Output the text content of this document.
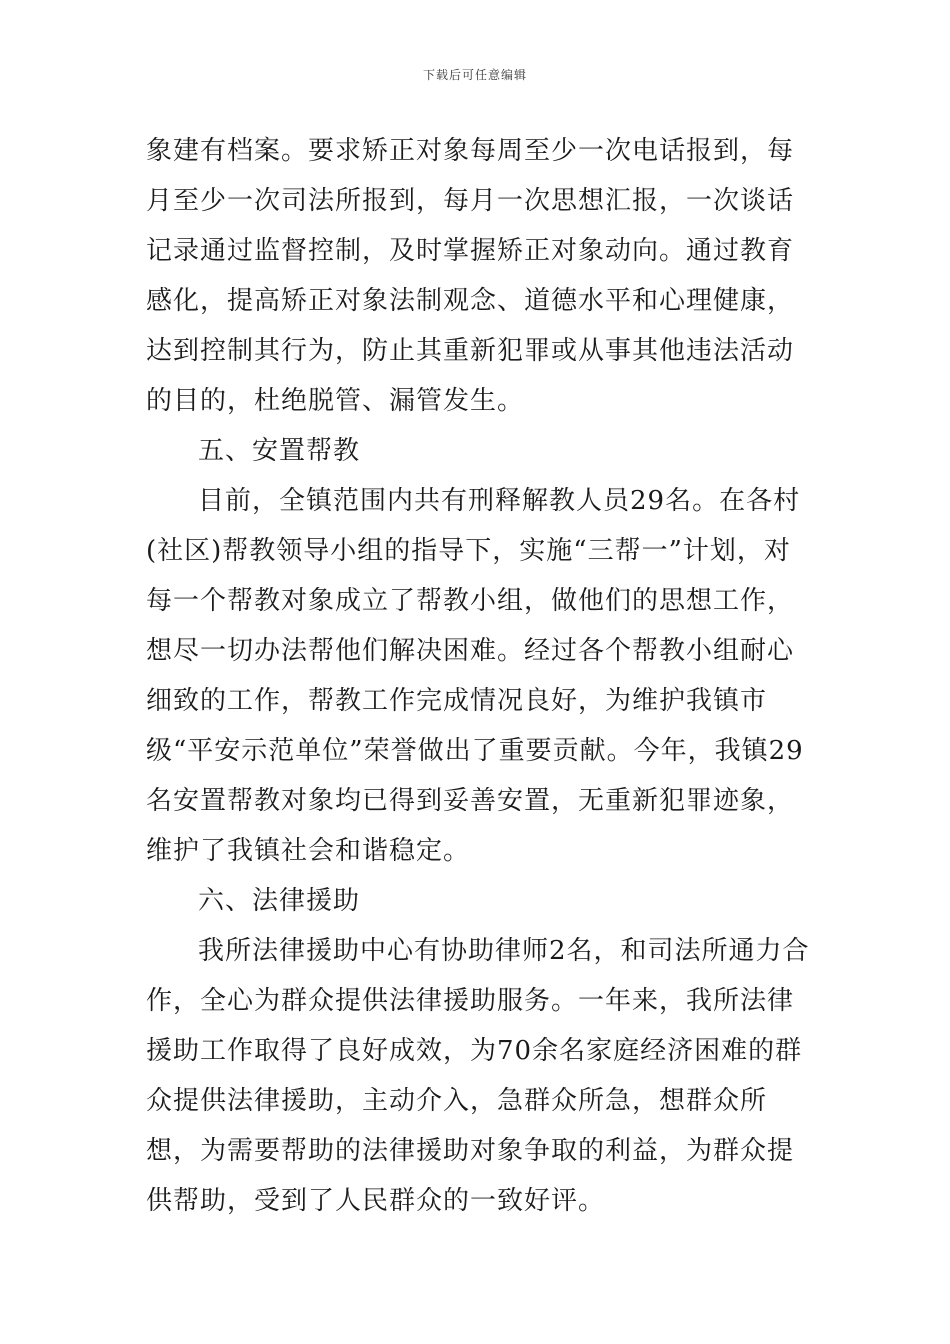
下载后可任意编辑

象建有档案。要求矫正对象每周至少一次电话报到，每月至少一次司法所报到，每月一次思想汇报，一次谈话记录通过监督控制，及时掌握矫正对象动向。通过教育感化，提高矫正对象法制观念、道德水平和心理健康，达到控制其行为，防止其重新犯罪或从事其他违法活动的目的，杜绝脱管、漏管发生。

五、安置帮教

目前，全镇范围内共有刑释解教人员29名。在各村(社区)帮教领导小组的指导下，实施“三帮一”计划，对每一个帮教对象成立了帮教小组，做他们的思想工作，想尽一切办法帮他们解决困难。经过各个帮教小组耐心细致的工作，帮教工作完成情况良好，为维护我镇市级“平安示范单位”荣誉做出了重要贡献。今年，我镇29名安置帮教对象均已得到妥善安置，无重新犯罪迹象，维护了我镇社会和谐稳定。

六、法律援助

我所法律援助中心有协助律师2名，和司法所通力合作，全心为群众提供法律援助服务。一年来，我所法律援助工作取得了良好成效，为70余名家庭经济困难的群众提供法律援助，主动介入，急群众所急，想群众所想，为需要帮助的法律援助对象争取的利益，为群众提供帮助，受到了人民群众的一致好评。
